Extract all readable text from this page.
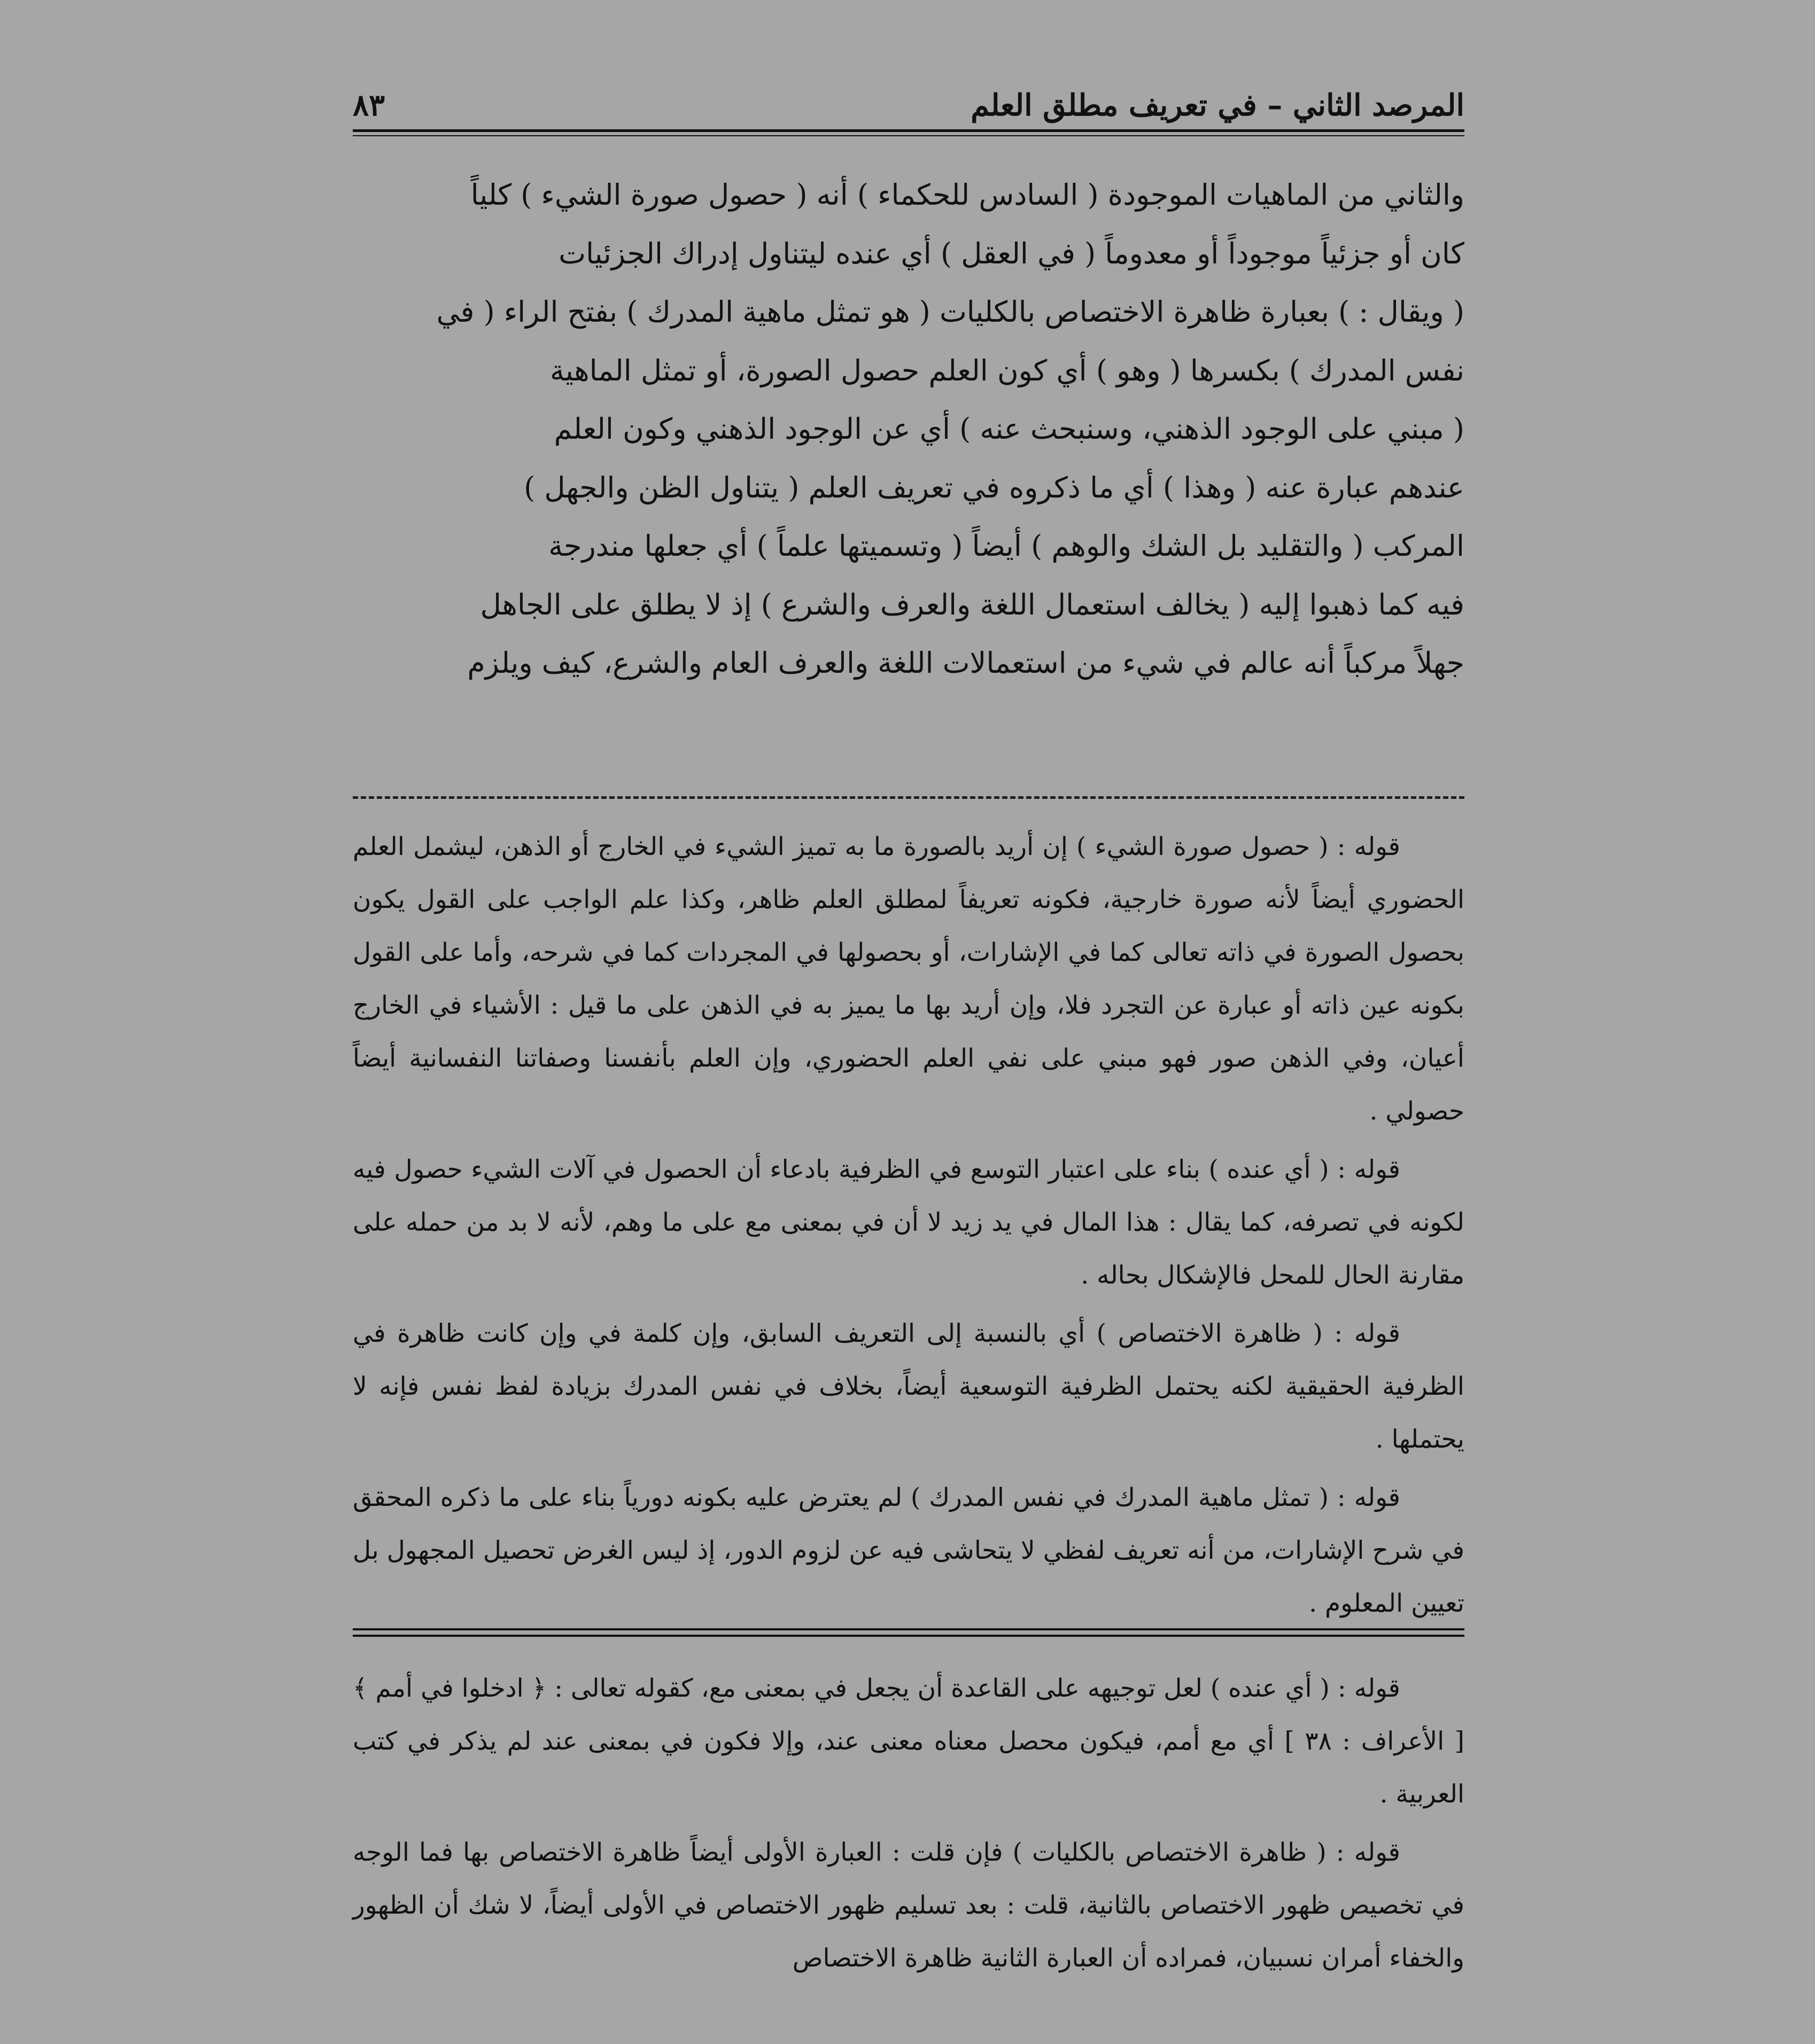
المرصد الثاني – في تعريف مطلق العلم
٨٣
والثاني من الماهيات الموجودة ( السادس للحكماء ) أنه ( حصول صورة الشيء ) كلياً
كان أو جزئياً موجوداً أو معدوماً ( في العقل ) أي عنده ليتناول إدراك الجزئيات
( ويقال : ) بعبارة ظاهرة الاختصاص بالكليات ( هو تمثل ماهية المدرك ) بفتح الراء ( في
نفس المدرك ) بكسرها ( وهو ) أي كون العلم حصول الصورة، أو تمثل الماهية
( مبني على الوجود الذهني، وسنبحث عنه ) أي عن الوجود الذهني وكون العلم
عندهم عبارة عنه ( وهذا ) أي ما ذكروه في تعريف العلم ( يتناول الظن والجهل )
المركب ( والتقليد بل الشك والوهم ) أيضاً ( وتسميتها علماً ) أي جعلها مندرجة
فيه كما ذهبوا إليه ( يخالف استعمال اللغة والعرف والشرع ) إذ لا يطلق على الجاهل
جهلاً مركباً أنه عالم في شيء من استعمالات اللغة والعرف العام والشرع، كيف ويلزم

قوله : ( حصول صورة الشيء ) إن أريد بالصورة ما به تميز الشيء في الخارج أو الذهن، ليشمل العلم الحضوري أيضاً لأنه صورة خارجية، فكونه تعريفاً لمطلق العلم ظاهر، وكذا علم الواجب على القول يكون بحصول الصورة في ذاته تعالى كما في الإشارات، أو بحصولها في المجردات كما في شرحه، وأما على القول بكونه عين ذاته أو عبارة عن التجرد فلا، وإن أريد بها ما يميز به في الذهن على ما قيل : الأشياء في الخارج أعيان، وفي الذهن صور فهو مبني على نفي العلم الحضوري، وإن العلم بأنفسنا وصفاتنا النفسانية أيضاً حصولي .

قوله : ( أي عنده ) بناء على اعتبار التوسع في الظرفية بادعاء أن الحصول في آلات الشيء حصول فيه لكونه في تصرفه، كما يقال : هذا المال في يد زيد لا أن في بمعنى مع على ما وهم، لأنه لا بد من حمله على مقارنة الحال للمحل فالإشكال بحاله .

قوله : ( ظاهرة الاختصاص ) أي بالنسبة إلى التعريف السابق، وإن كلمة في وإن كانت ظاهرة في الظرفية الحقيقية لكنه يحتمل الظرفية التوسعية أيضاً، بخلاف في نفس المدرك بزيادة لفظ نفس فإنه لا يحتملها .

قوله : ( تمثل ماهية المدرك في نفس المدرك ) لم يعترض عليه بكونه دورياً بناء على ما ذكره المحقق في شرح الإشارات، من أنه تعريف لفظي لا يتحاشى فيه عن لزوم الدور، إذ ليس الغرض تحصيل المجهول بل تعيين المعلوم .

قوله : ( أي عنده ) لعل توجيهه على القاعدة أن يجعل في بمعنى مع، كقوله تعالى : ﴿ ادخلوا في أمم ﴾ [ الأعراف : ٣٨ ] أي مع أمم، فيكون محصل معناه معنى عند، وإلا فكون في بمعنى عند لم يذكر في كتب العربية .

قوله : ( ظاهرة الاختصاص بالكليات ) فإن قلت : العبارة الأولى أيضاً ظاهرة الاختصاص بها فما الوجه في تخصيص ظهور الاختصاص بالثانية، قلت : بعد تسليم ظهور الاختصاص في الأولى أيضاً، لا شك أن الظهور والخفاء أمران نسبيان، فمراده أن العبارة الثانية ظاهرة الاختصاص
